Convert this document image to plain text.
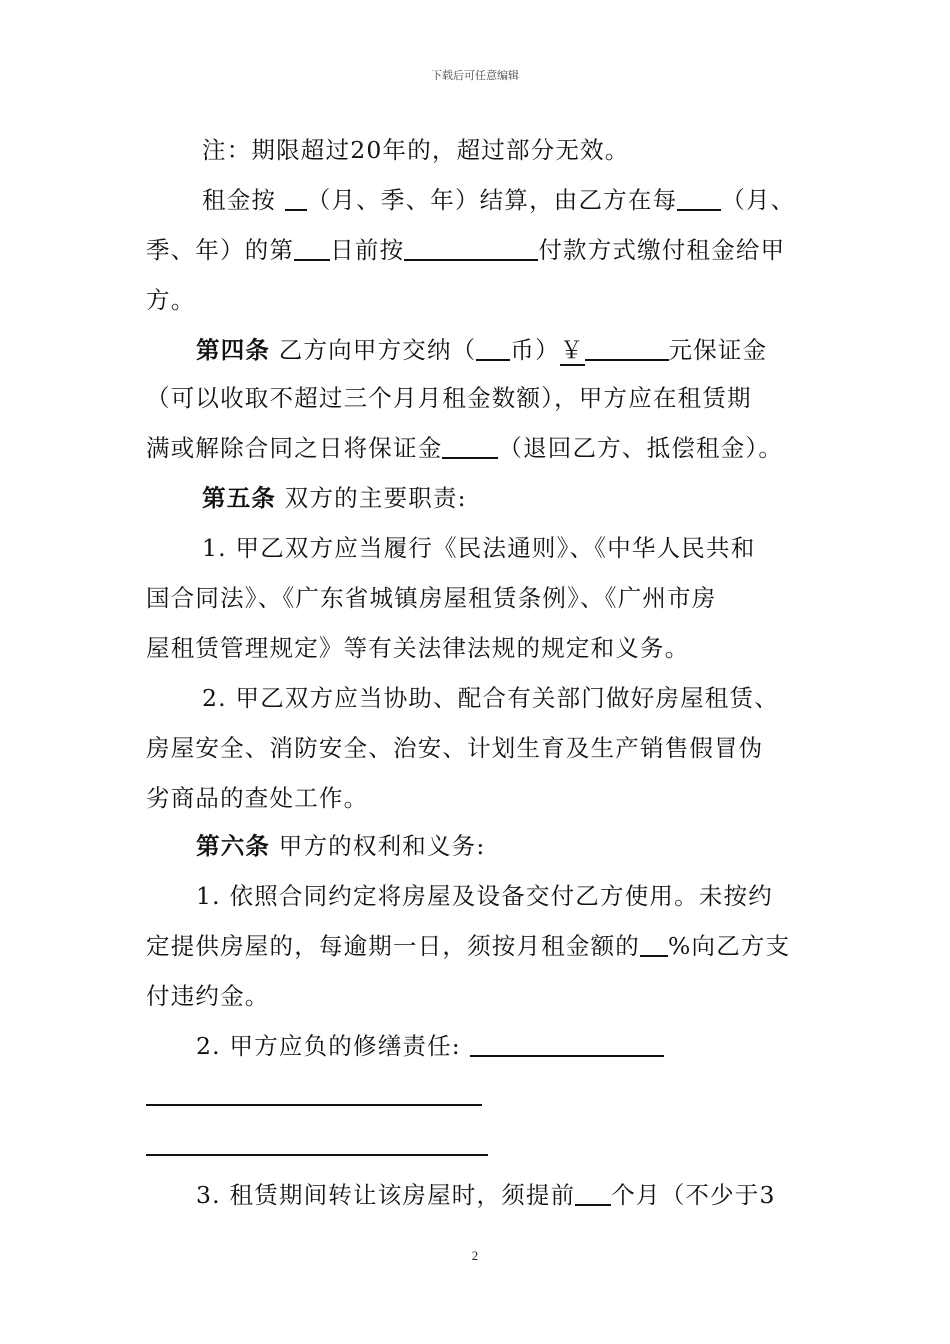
下载后可任意编辑
注：期限超过20年的，超过部分无效。
租金按 （月、季、年）结算，由乙方在每 （月、
季、年）的第 日前按	付款方式缴付租金给甲
方。
第四条 乙方向甲方交纳（ 币）￥	元保证金
（可以收取不超过三个月月租金数额），甲方应在租赁期
满或解除合同之日将保证金 （退回乙方、抵偿租金）。
第五条 双方的主要职责:
1. 甲乙双方应当履行《民法通则》、《中华人民共和
国合同法》、《广东省城镇房屋租赁条例》、《广州市房
屋租赁管理规定》等有关法律法规的规定和义务。
2. 甲乙双方应当协助、配合有关部门做好房屋租赁、
房屋安全、消防安全、治安、计划生育及生产销售假冒伪
劣商品的查处工作。
第六条 甲方的权利和义务:
1. 依照合同约定将房屋及设备交付乙方使用。未按约
定提供房屋的，每逾期一日，须按月租金额的 %向乙方支
付违约金。
2. 甲方应负的修缮责任:
3. 租赁期间转让该房屋时，须提前 个月（不少于3
2
